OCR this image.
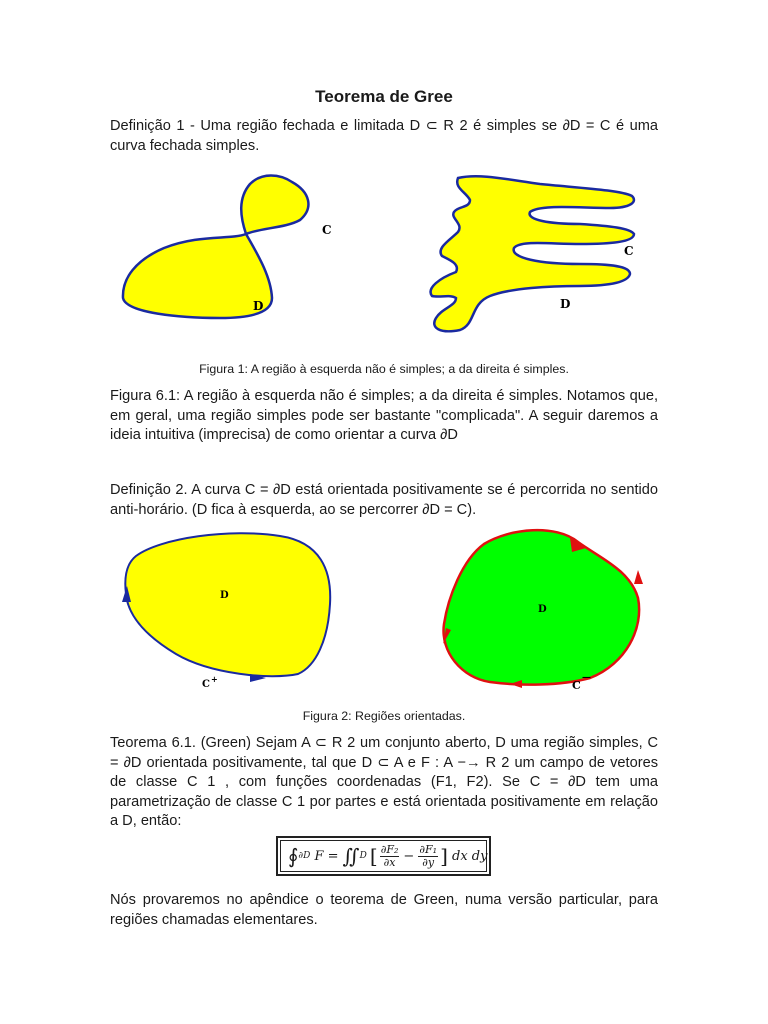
Teorema de Gree
Definição 1 - Uma região fechada e limitada D ⊂ R 2 é simples se ∂D = C é uma curva fechada simples.
C
D
C
D
Figura 1: A região à esquerda não é simples; a da direita é simples.
Figura 6.1: A região à esquerda não é simples; a da direita é simples. Notamos que, em geral, uma região simples pode ser bastante "complicada". A seguir daremos a ideia intuitiva (imprecisa) de como orientar a curva ∂D
Definição 2. A curva C = ∂D está orientada positivamente se é percorrida no sentido anti-horário. (D fica à esquerda, ao se percorrer ∂D = C).
D
C +
D
C
—
Figura 2: Regiões orientadas.
Teorema 6.1. (Green) Sejam A ⊂ R 2 um conjunto aberto, D uma região simples, C = ∂D orientada positivamente, tal que D ⊂ A e F : A −→ R 2 um campo de vetores de classe C 1 , com funções coordenadas (F1, F2). Se C = ∂D tem uma parametrização de classe C 1 por partes e está orientada positivamente em relação a D, então:
∮ ∂D
F =
∬ D [ $\frac{\text{∂F₂}}{\partial x} - \frac{\text{∂F₁}}{\partial y}$ ]
dx dy
Nós provaremos no apêndice o teorema de Green, numa versão particular, para regiões chamadas elementares.
